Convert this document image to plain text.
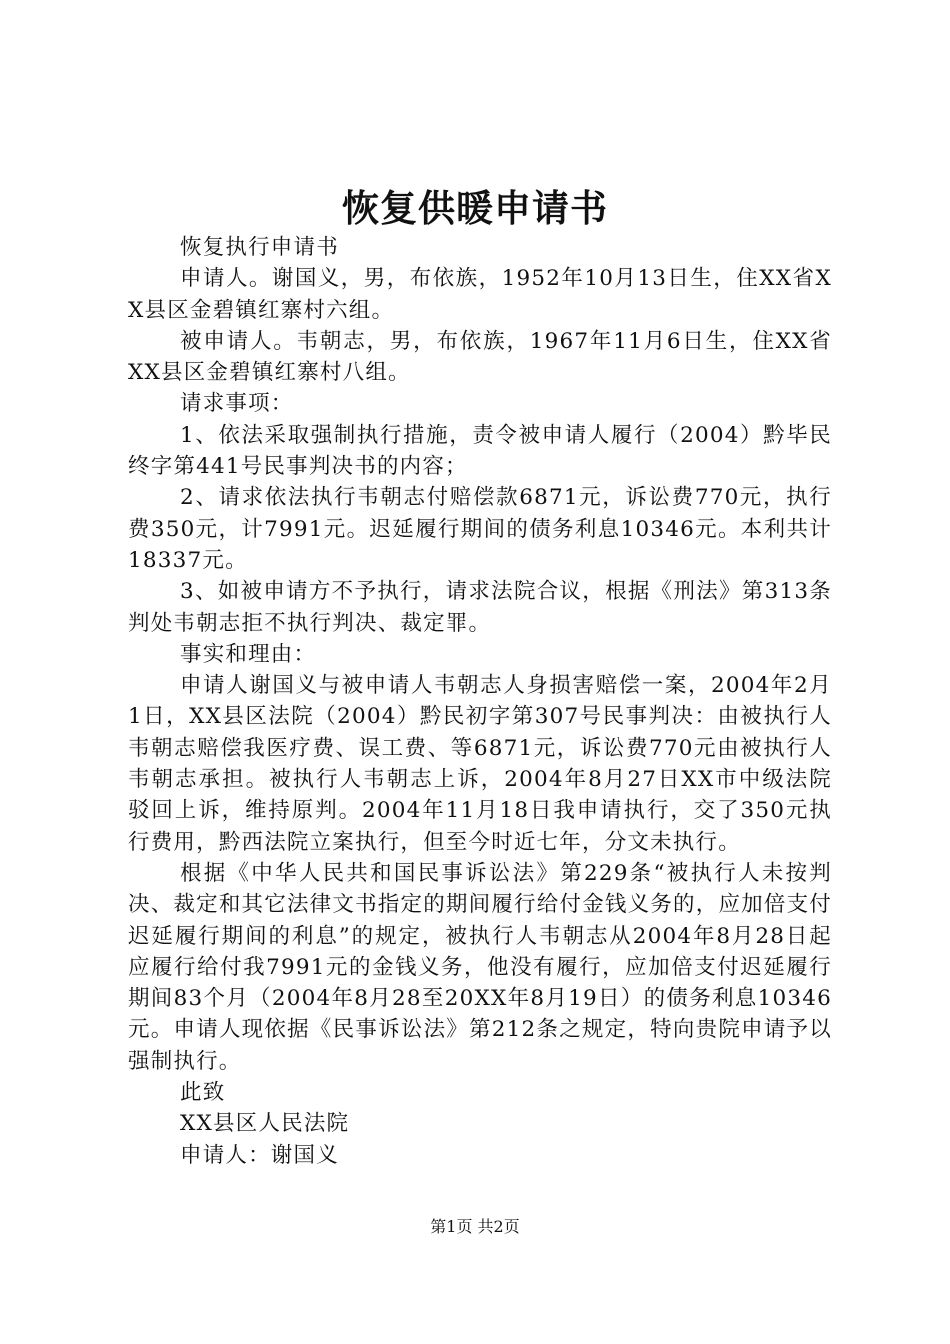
恢复供暖申请书

恢复执行申请书

申请人。谢国义，男，布依族，1952年10月13日生，住XX省XX县区金碧镇红寨村六组。

被申请人。韦朝志，男，布依族，1967年11月6日生，住XX省XX县区金碧镇红寨村八组。

请求事项：

1、依法采取强制执行措施，责令被申请人履行（2004）黔毕民终字第441号民事判决书的内容；

2、请求依法执行韦朝志付赔偿款6871元，诉讼费770元，执行费350元，计7991元。迟延履行期间的债务利息10346元。本利共计18337元。

3、如被申请方不予执行，请求法院合议，根据《刑法》第313条判处韦朝志拒不执行判决、裁定罪。

事实和理由：

申请人谢国义与被申请人韦朝志人身损害赔偿一案，2004年2月1日，XX县区法院（2004）黔民初字第307号民事判决：由被执行人韦朝志赔偿我医疗费、误工费、等6871元，诉讼费770元由被执行人韦朝志承担。被执行人韦朝志上诉，2004年8月27日XX市中级法院驳回上诉，维持原判。2004年11月18日我申请执行，交了350元执行费用，黔西法院立案执行，但至今时近七年，分文未执行。

根据《中华人民共和国民事诉讼法》第229条“被执行人未按判决、裁定和其它法律文书指定的期间履行给付金钱义务的，应加倍支付迟延履行期间的利息”的规定，被执行人韦朝志从2004年8月28日起应履行给付我7991元的金钱义务，他没有履行，应加倍支付迟延履行期间83个月（2004年8月28至20XX年8月19日）的债务利息10346元。申请人现依据《民事诉讼法》第212条之规定，特向贵院申请予以强制执行。

此致

XX县区人民法院

申请人：谢国义

第1页 共2页
